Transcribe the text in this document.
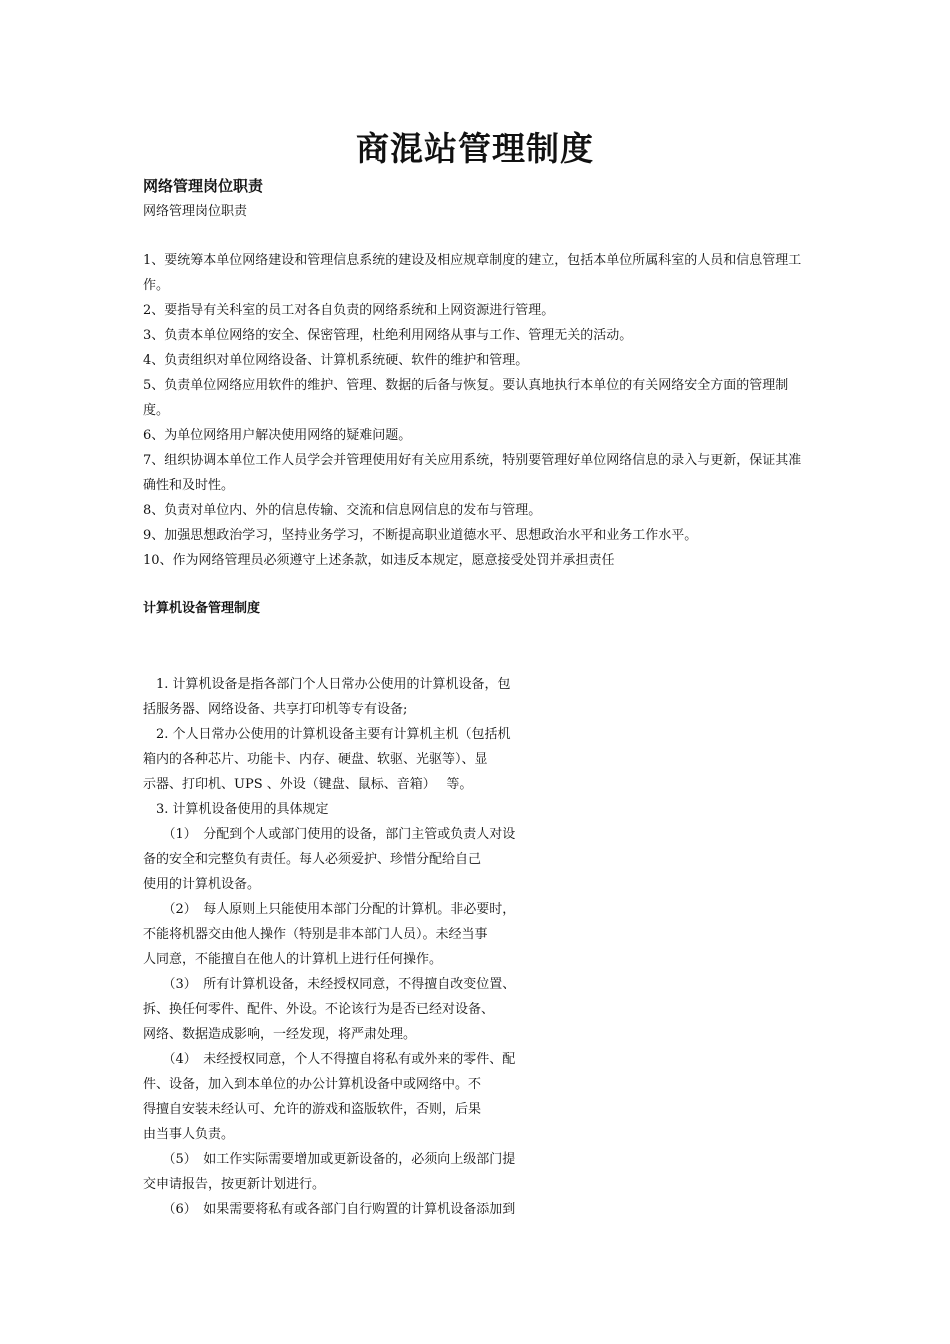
商混站管理制度
网络管理岗位职责
网络管理岗位职责

1、要统筹本单位网络建设和管理信息系统的建设及相应规章制度的建立，包括本单位所属科室的人员和信息管理工作。

2、要指导有关科室的员工对各自负责的网络系统和上网资源进行管理。

3、负责本单位网络的安全、保密管理，杜绝利用网络从事与工作、管理无关的活动。

4、负责组织对单位网络设备、计算机系统硬、软件的维护和管理。

5、负责单位网络应用软件的维护、管理、数据的后备与恢复。要认真地执行本单位的有关网络安全方面的管理制度。

6、为单位网络用户解决使用网络的疑难问题。

7、组织协调本单位工作人员学会并管理使用好有关应用系统，特别要管理好单位网络信息的录入与更新，保证其准确性和及时性。

8、负责对单位内、外的信息传输、交流和信息网信息的发布与管理。

9、加强思想政治学习，坚持业务学习，不断提高职业道德水平、思想政治水平和业务工作水平。

10、作为网络管理员必须遵守上述条款，如违反本规定，愿意接受处罚并承担责任

计算机设备管理制度

　1. 计算机设备是指各部门个人日常办公使用的计算机设备，包

括服务器、网络设备、共享打印机等专有设备;

　2. 个人日常办公使用的计算机设备主要有计算机主机（包括机

箱内的各种芯片、功能卡、内存、硬盘、软驱、光驱等）、显

示器、打印机、UPS 、外设（键盘、鼠标、音箱）　 等。

　3. 计算机设备使用的具体规定

　　（1）　分配到个人或部门使用的设备，部门主管或负责人对设

备的安全和完整负有责任。每人必须爱护、珍惜分配给自己

使用的计算机设备。

　　（2）　每人原则上只能使用本部门分配的计算机。非必要时，

不能将机器交由他人操作（特别是非本部门人员）。未经当事

人同意，不能擅自在他人的计算机上进行任何操作。

　　（3）　所有计算机设备，未经授权同意，不得擅自改变位置、

拆、换任何零件、配件、外设。不论该行为是否已经对设备、

网络、数据造成影响，一经发现，将严肃处理。

　　（4）　未经授权同意，个人不得擅自将私有或外来的零件、配

件、设备，加入到本单位的办公计算机设备中或网络中。不

得擅自安装未经认可、允许的游戏和盗版软件，否则，后果

由当事人负责。

　　（5）　如工作实际需要增加或更新设备的，必须向上级部门提

交申请报告，按更新计划进行。

　　（6）　如果需要将私有或各部门自行购置的计算机设备添加到
